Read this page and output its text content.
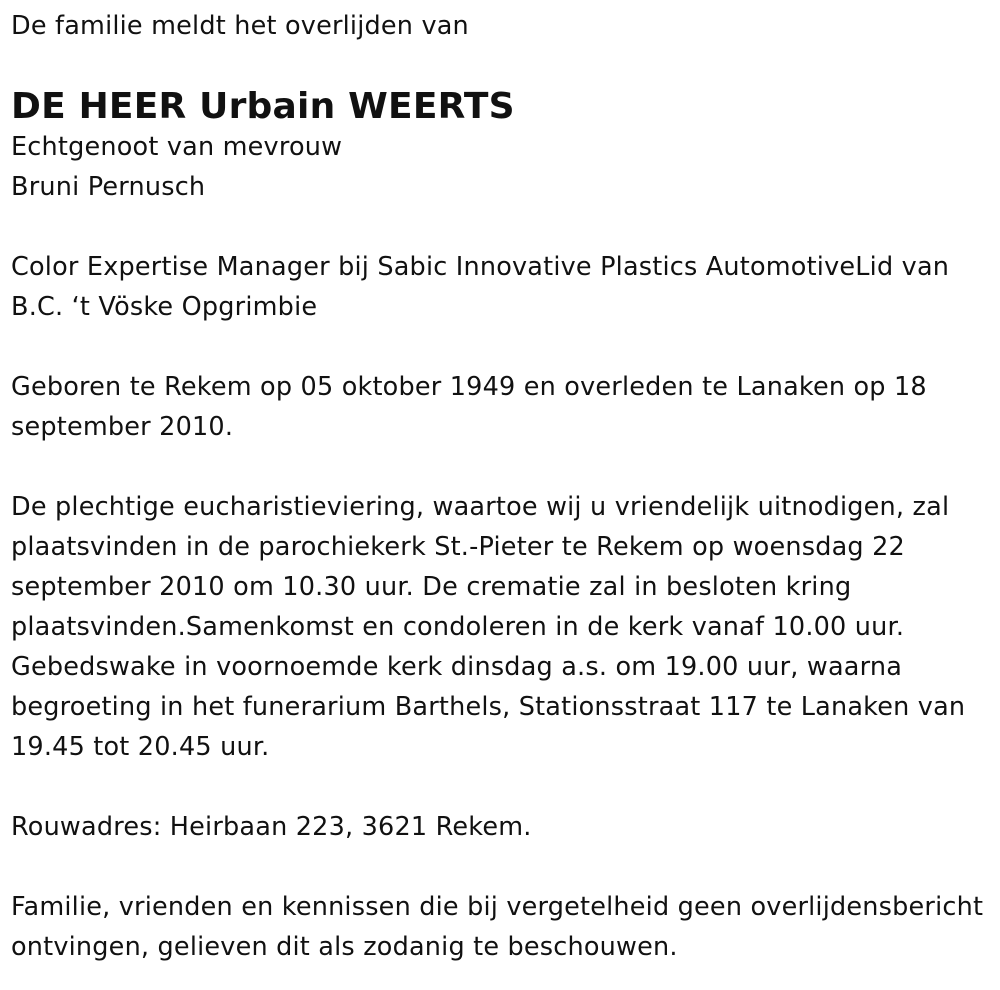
De familie meldt het overlijden van

DE HEER Urbain WEERTS

Echtgenoot van mevrouw

Bruni Pernusch

Color Expertise Manager bij Sabic Innovative Plastics AutomotiveLid van B.C. ‘t Vöske Opgrimbie

Geboren te Rekem op 05 oktober 1949 en overleden te Lanaken op 18 september 2010.

De plechtige eucharistieviering, waartoe wij u vriendelijk uitnodigen, zal plaatsvinden in de parochiekerk St.-Pieter te Rekem op woensdag 22 september 2010 om 10.30 uur. De crematie zal in besloten kring plaatsvinden.Samenkomst en condoleren in de kerk vanaf 10.00 uur. Gebedswake in voornoemde kerk dinsdag a.s. om 19.00 uur, waarna begroeting in het funerarium Barthels, Stationsstraat 117 te Lanaken van 19.45 tot 20.45 uur.

Rouwadres: Heirbaan 223, 3621 Rekem.

Familie, vrienden en kennissen die bij vergetelheid geen overlijdensbericht ontvingen, gelieven dit als zodanig te beschouwen.
